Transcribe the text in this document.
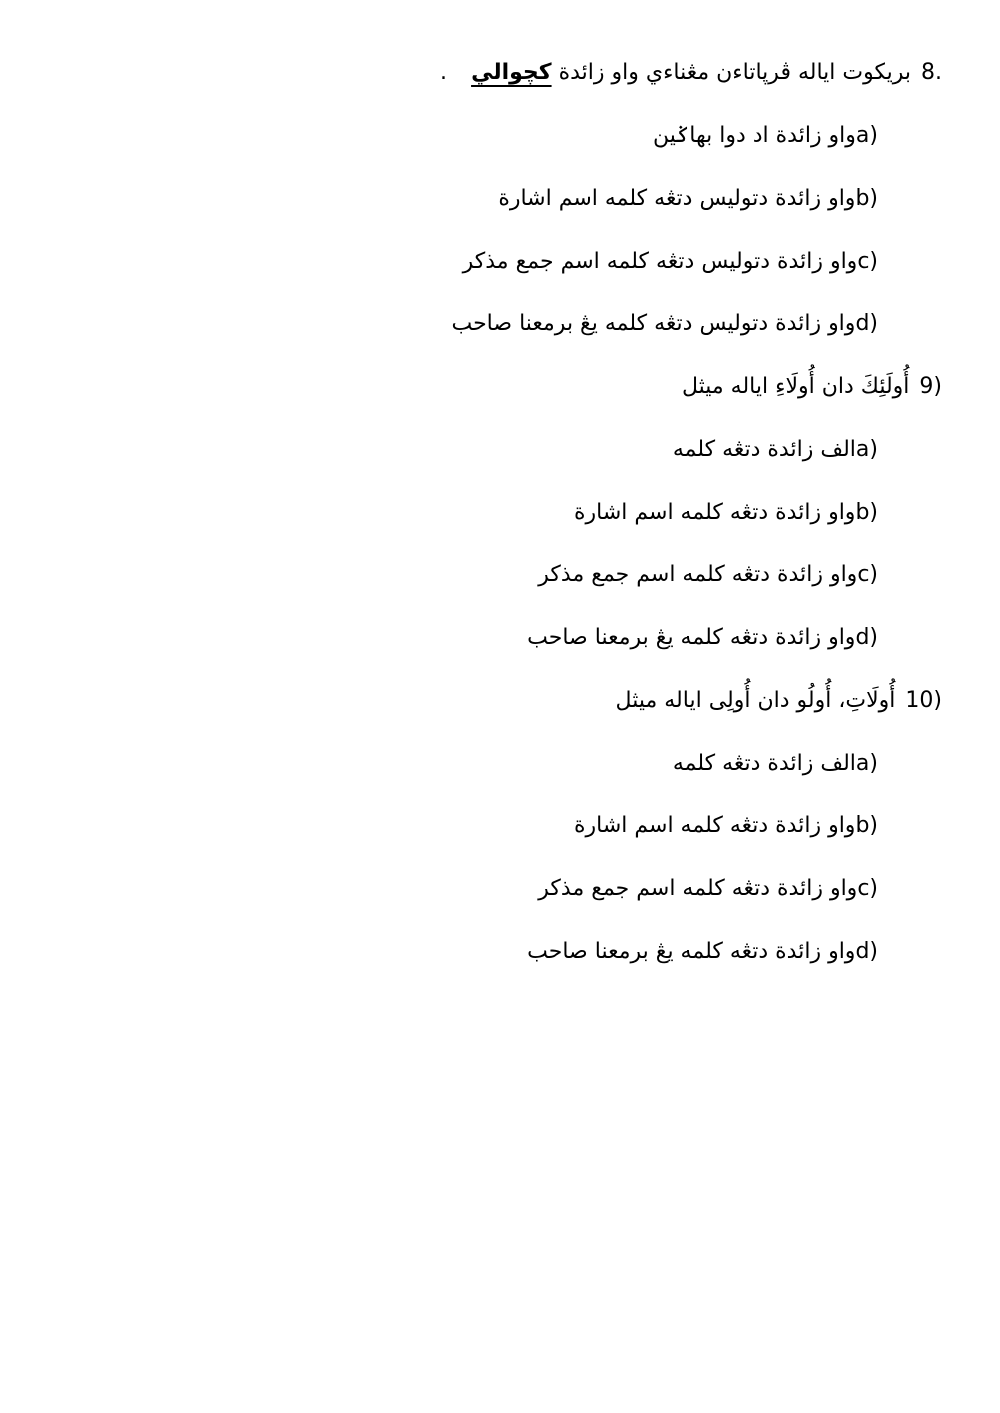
8.بريكوت اياله ڤرپاتاءن مڠناءي واو زائدة كچوالي
.
a)واو زائدة اد دوا بهاݢين
b)واو زائدة دتوليس دتڠه كلمه اسم اشارة
c)واو زائدة دتوليس دتڠه كلمه اسم جمع مذكر
d)واو زائدة دتوليس دتڠه كلمه يڠ برمعنا صاحب
9)أُولَئِكَ دان أُولَاءِ اياله ميثل
a)الف زائدة دتڠه كلمه
b)واو زائدة دتڠه كلمه اسم اشارة
c)واو زائدة دتڠه كلمه اسم جمع مذكر
d)واو زائدة دتڠه كلمه يڠ برمعنا صاحب
10)أُولَاتِ، أُولُو دان أُولِى اياله ميثل
a)الف زائدة دتڠه كلمه
b)واو زائدة دتڠه كلمه اسم اشارة
c)واو زائدة دتڠه كلمه اسم جمع مذكر
d)واو زائدة دتڠه كلمه يڠ برمعنا صاحب
